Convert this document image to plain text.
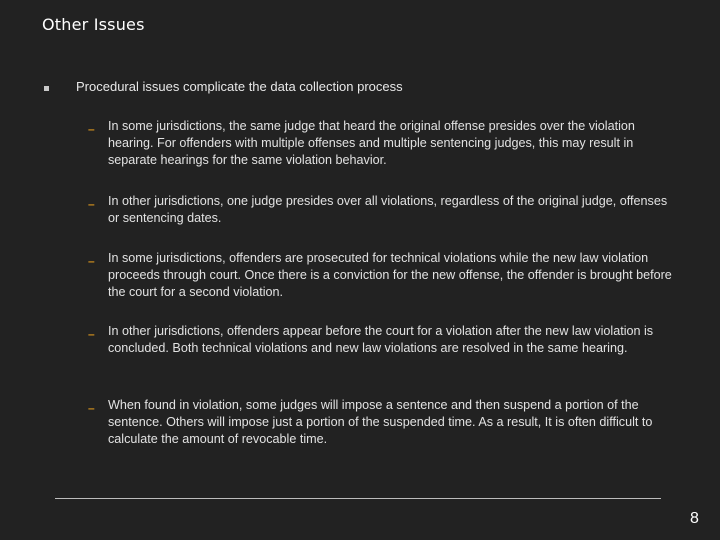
Other Issues
Procedural issues complicate the data collection process
– In some jurisdictions, the same judge that heard the original offense presides over the violation hearing. For offenders with multiple offenses and multiple sentencing judges, this may result in separate hearings for the same violation behavior.
– In other jurisdictions, one judge presides over all violations, regardless of the original judge, offenses or sentencing dates.
– In some jurisdictions, offenders are prosecuted for technical violations while the new law violation proceeds through court. Once there is a conviction for the new offense, the offender is brought before the court for a second violation.
– In other jurisdictions, offenders appear before the court for a violation after the new law violation is concluded. Both technical violations and new law violations are resolved in the same hearing.
– When found in violation, some judges will impose a sentence and then suspend a portion of the sentence. Others will impose just a portion of the suspended time. As a result, It is often difficult to calculate the amount of revocable time.
8
